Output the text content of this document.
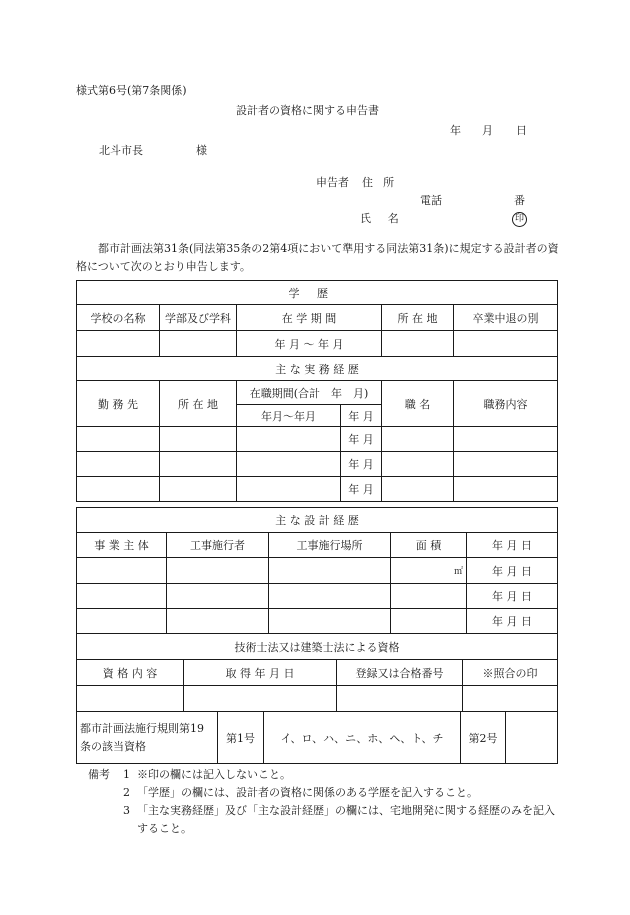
様式第6号(第7条関係)
設計者の資格に関する申告書
年 月 日
北斗市長	様
申告者 住 所
電話	番
氏 名	印
都市計画法第31条(同法第35条の2第4項において準用する同法第31条)に規定する設計者の資格について次のとおり申告します。
学歴					
学校の名称	学部及び学科	在 学 期 間		所 在 地	卒業中退の別
		年 月 〜 年 月			
主 な 実 務 経 歴					
勤 務 先	所 在 地	在職期間(合計　年　月)		職 名	職務内容
		年月〜年月	年 月		
			年 月		
			年 月		
			年 月		
主 な 設 計 経 歴				
事 業 主 体	工事施行者	工事施行場所	面 積	年 月 日
			㎡	年 月 日
				年 月 日
				年 月 日
技術士法又は建築士法による資格			
資 格 内 容	取 得 年 月 日	登録又は合格番号	※照合の印

都市計画法施行規則第19条の該当資格	第1号	イ、ロ、ハ、ニ、ホ、ヘ、ト、チ	第2号	
備考	1 ※印の欄には記入しないこと。
2 「学歴」の欄には、設計者の資格に関係のある学歴を記入すること。
3 「主な実務経歴」及び「主な設計経歴」の欄には、宅地開発に関する経歴のみを記入すること。
